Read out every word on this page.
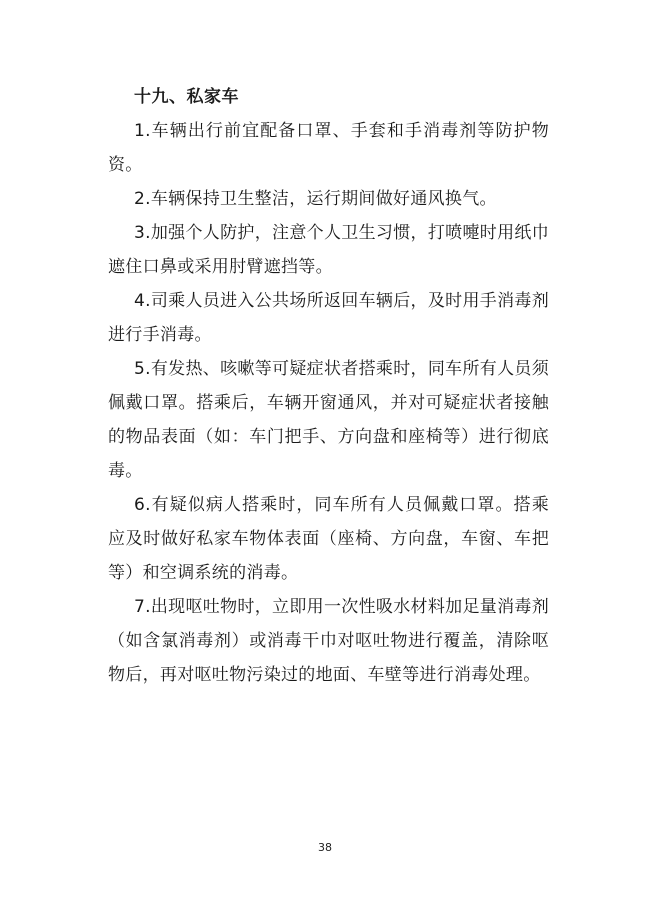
十九、私家车
1.车辆出行前宜配备口罩、手套和手消毒剂等防护物
资。
2.车辆保持卫生整洁，运行期间做好通风换气。
3.加强个人防护，注意个人卫生习惯，打喷嚏时用纸巾
遮住口鼻或采用肘臂遮挡等。
4.司乘人员进入公共场所返回车辆后，及时用手消毒剂
进行手消毒。
5.有发热、咳嗽等可疑症状者搭乘时，同车所有人员须
佩戴口罩。搭乘后，车辆开窗通风，并对可疑症状者接触
的物品表面（如：车门把手、方向盘和座椅等）进行彻底
毒。
6.有疑似病人搭乘时，同车所有人员佩戴口罩。搭乘
应及时做好私家车物体表面（座椅、方向盘，车窗、车把
等）和空调系统的消毒。
7.出现呕吐物时，立即用一次性吸水材料加足量消毒剂
（如含氯消毒剂）或消毒干巾对呕吐物进行覆盖，清除呕
物后，再对呕吐物污染过的地面、车壁等进行消毒处理。
38
